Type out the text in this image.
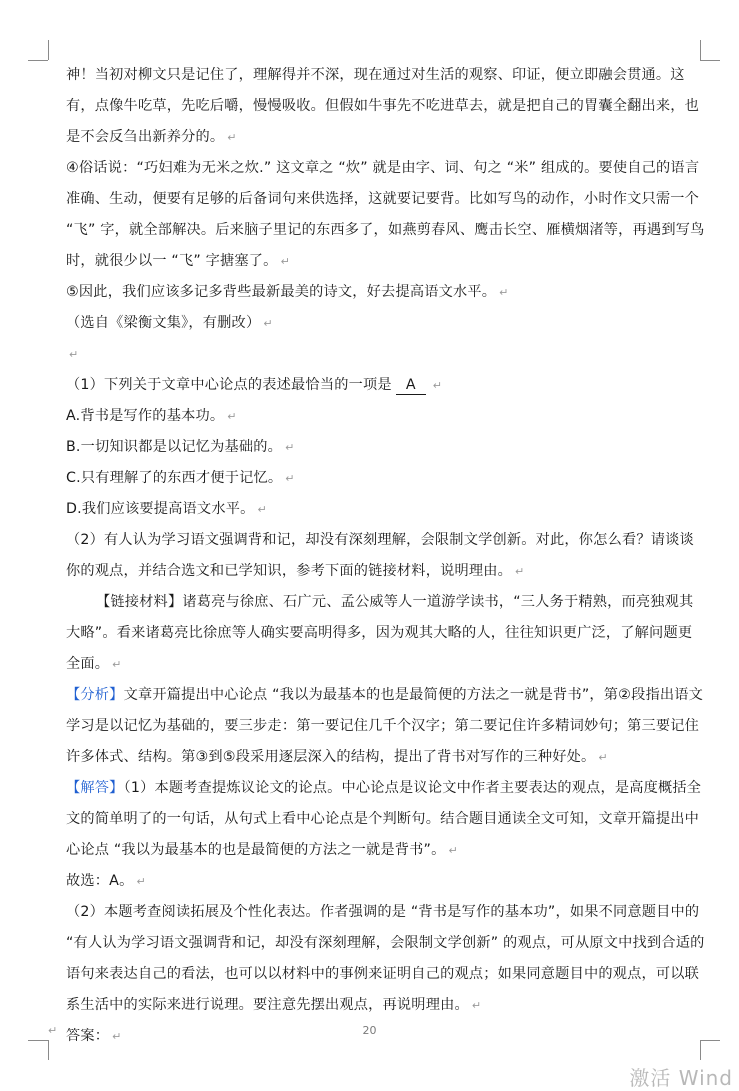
神！当初对柳文只是记住了，理解得并不深，现在通过对生活的观察、印证，便立即融会贯通。这有，点像牛吃草，先吃后嚼，慢慢吸收。但假如牛事先不吃进草去，就是把自己的胃囊全翻出来，也是不会反刍出新养分的。 ↵

④俗话说：“巧妇难为无米之炊.” 这文章之 “炊” 就是由字、词、句之 “米” 组成的。要使自己的语言准确、生动，便要有足够的后备词句来供选择，这就要记要背。比如写鸟的动作，小时作文只需一个 “飞” 字，就全部解决。后来脑子里记的东西多了，如燕剪春风、鹰击长空、雁横烟渚等，再遇到写鸟时，就很少以一 “飞” 字搪塞了。 ↵

⑤因此，我们应该多记多背些最新最美的诗文，好去提高语文水平。 ↵

（选自《梁衡文集》，有删改） ↵

↵

（1）下列关于文章中心论点的表述最恰当的一项是 A ↵

A.背书是写作的基本功。 ↵

B.一切知识都是以记忆为基础的。 ↵

C.只有理解了的东西才便于记忆。 ↵

D.我们应该要提高语文水平。 ↵

（2）有人认为学习语文强调背和记，却没有深刻理解，会限制文学创新。对此，你怎么看？请谈谈你的观点，并结合选文和已学知识，参考下面的链接材料，说明理由。 ↵

【链接材料】诸葛亮与徐庶、石广元、孟公威等人一道游学读书，“三人务于精熟，而亮独观其大略”。看来诸葛亮比徐庶等人确实要高明得多，因为观其大略的人，往往知识更广泛，了解问题更全面。 ↵

【分析】文章开篇提出中心论点 “我以为最基本的也是最简便的方法之一就是背书”，第②段指出语文学习是以记忆为基础的，要三步走：第一要记住几千个汉字；第二要记住许多精词妙句；第三要记住许多体式、结构。第③到⑤段采用逐层深入的结构，提出了背书对写作的三种好处。 ↵

【解答】（1）本题考查提炼议论文的论点。中心论点是议论文中作者主要表达的观点，是高度概括全文的简单明了的一句话，从句式上看中心论点是个判断句。结合题目通读全文可知，文章开篇提出中心论点 “我以为最基本的也是最简便的方法之一就是背书”。 ↵

故选：A。 ↵

（2）本题考查阅读拓展及个性化表达。作者强调的是 “背书是写作的基本功”，如果不同意题目中的 “有人认为学习语文强调背和记，却没有深刻理解，会限制文学创新” 的观点，可从原文中找到合适的语句来表达自己的看法，也可以以材料中的事例来证明自己的观点；如果同意题目中的观点，可以联系生活中的实际来进行说理。要注意先摆出观点，再说明理由。 ↵

答案： ↵

↵	20
激活 Wind
